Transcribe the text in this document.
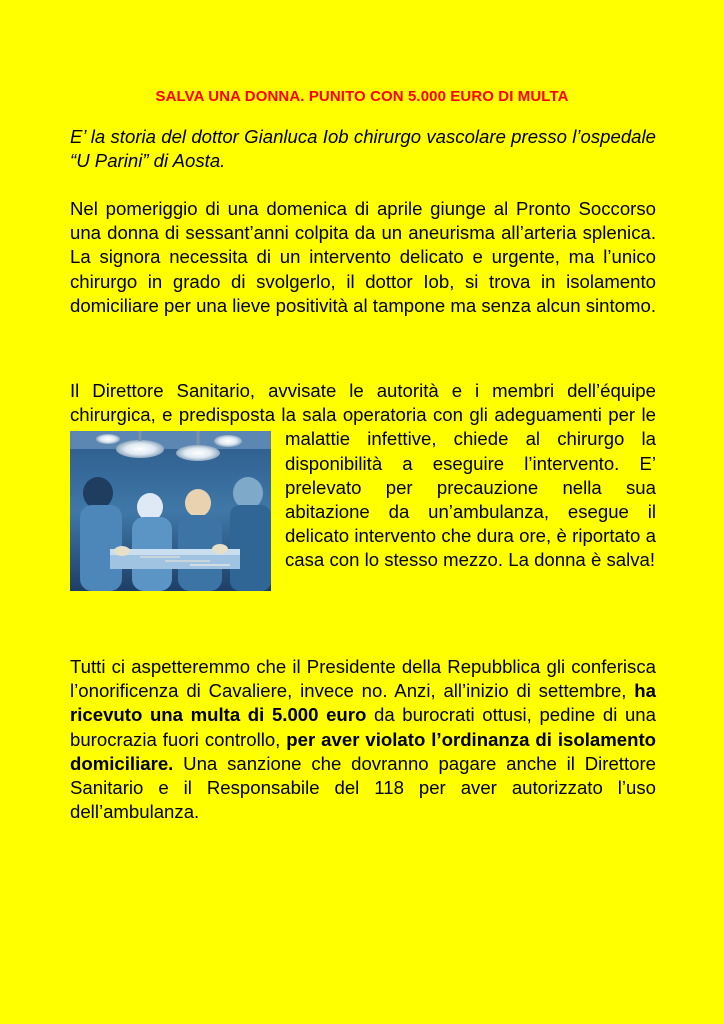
SALVA UNA DONNA. PUNITO CON 5.000 EURO DI MULTA

E’ la storia del dottor Gianluca Iob chirurgo vascolare presso l’ospedale “U Parini” di Aosta.

Nel pomeriggio di una domenica di aprile giunge al Pronto Soccorso una donna di sessant’anni colpita da un aneurisma all’arteria splenica. La signora necessita di un intervento delicato e urgente, ma l’unico chirurgo in grado di svolgerlo, il dottor Iob, si trova in isolamento domiciliare per una lieve positività al tampone ma senza alcun sintomo.

Il Direttore Sanitario, avvisate le autorità e i membri dell’équipe chirurgica, e predisposta la sala operatoria con gli adeguamenti per le malattie infettive, chiede al chirurgo la disponibilità a eseguire l’intervento. E’ prelevato per precauzione nella sua abitazione da un’ambulanza, esegue il delicato intervento che dura ore, è riportato a casa con lo stesso mezzo. La donna è salva!

Tutti ci aspetteremmo che il Presidente della Repubblica gli conferisca l’onorificenza di Cavaliere, invece no. Anzi, all’inizio di settembre, ha ricevuto una multa di 5.000 euro da burocrati ottusi, pedine di una burocrazia fuori controllo, per aver violato l’ordinanza di isolamento domiciliare. Una sanzione che dovranno pagare anche il Direttore Sanitario e il Responsabile del 118 per aver autorizzato l’uso dell’ambulanza.
